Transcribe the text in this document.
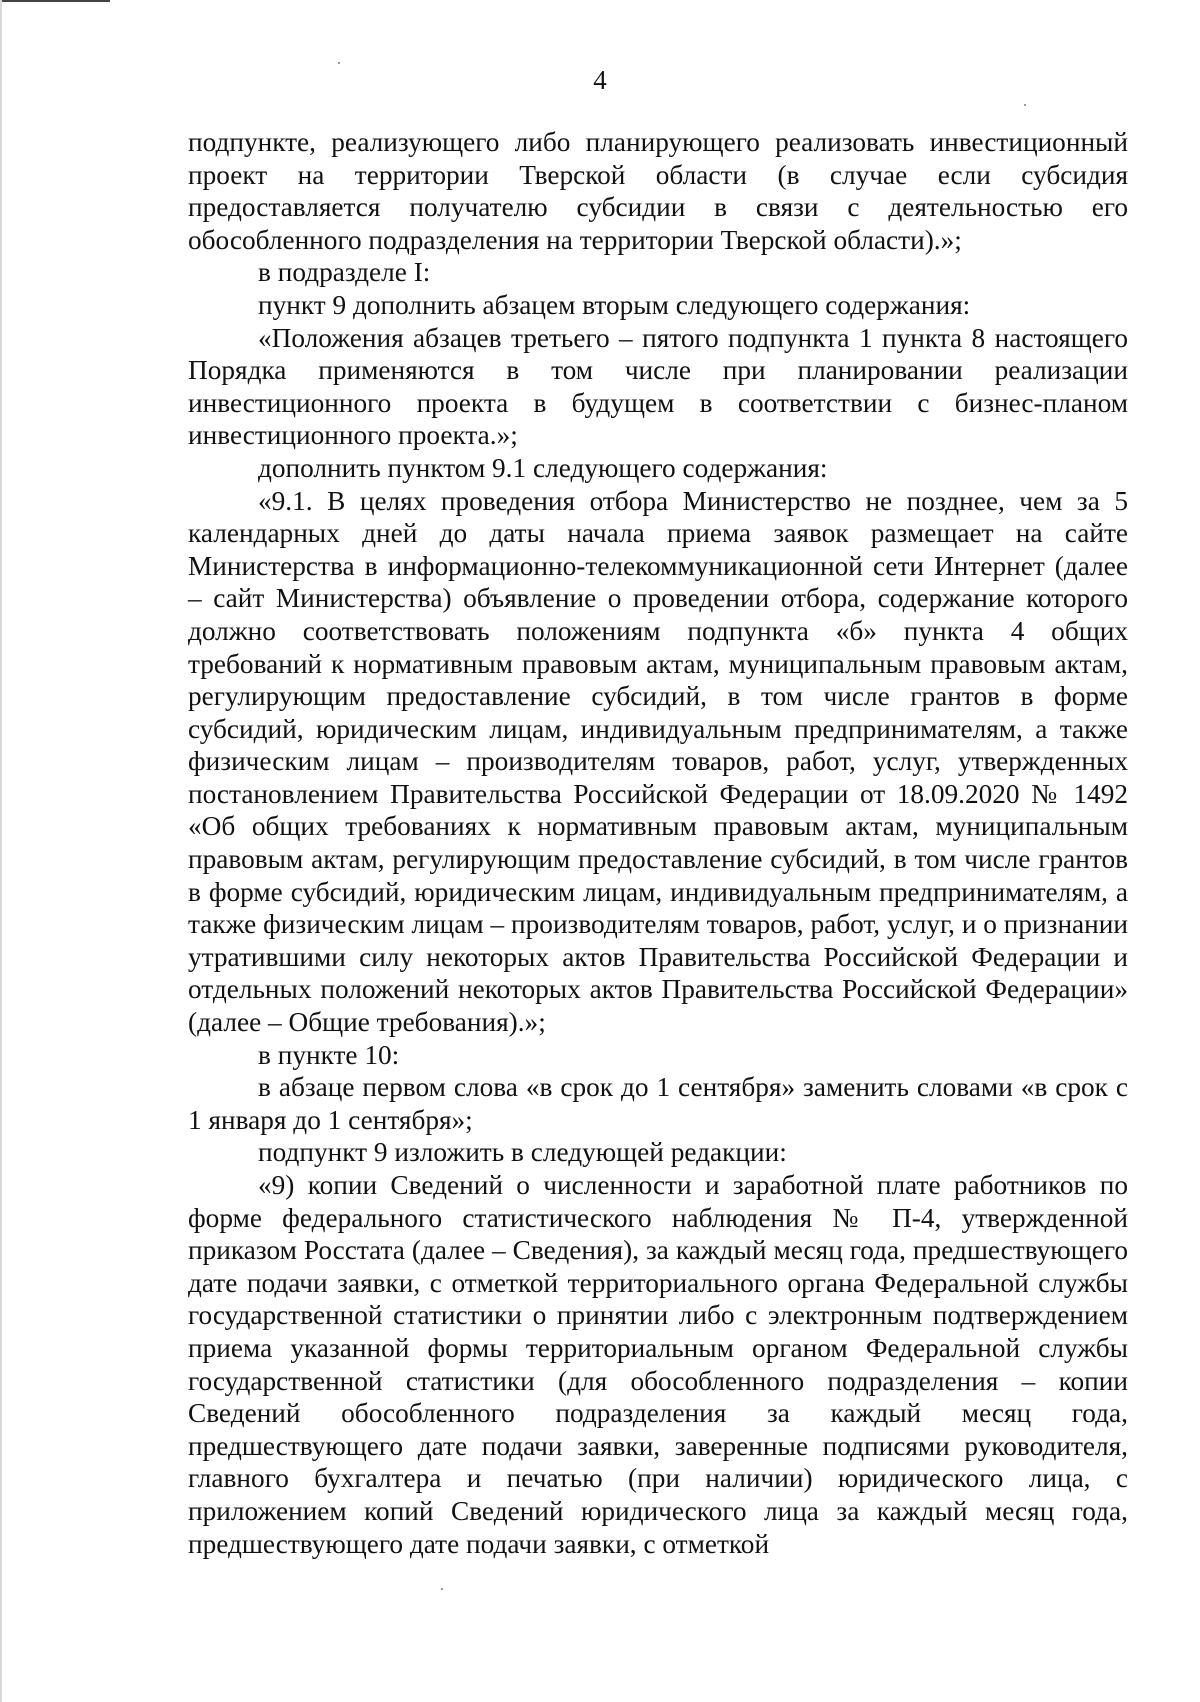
4

подпункте, реализующего либо планирующего реализовать инвестиционный проект на территории Тверской области (в случае если субсидия предоставляется получателю субсидии в связи с деятельностью его обособленного подразделения на территории Тверской области).»;

в подразделе I:

пункт 9 дополнить абзацем вторым следующего содержания:

«Положения абзацев третьего – пятого подпункта 1 пункта 8 настоящего Порядка применяются в том числе при планировании реализации инвестиционного проекта в будущем в соответствии с бизнес-планом инвестиционного проекта.»;

дополнить пунктом 9.1 следующего содержания:

«9.1. В целях проведения отбора Министерство не позднее, чем за 5 календарных дней до даты начала приема заявок размещает на сайте Министерства в информационно-телекоммуникационной сети Интернет (далее – сайт Министерства) объявление о проведении отбора, содержание которого должно соответствовать положениям подпункта «б» пункта 4 общих требований к нормативным правовым актам, муниципальным правовым актам, регулирующим предоставление субсидий, в том числе грантов в форме субсидий, юридическим лицам, индивидуальным предпринимателям, а также физическим лицам – производителям товаров, работ, услуг, утвержденных постановлением Правительства Российской Федерации от 18.09.2020 № 1492 «Об общих требованиях к нормативным правовым актам, муниципальным правовым актам, регулирующим предоставление субсидий, в том числе грантов в форме субсидий, юридическим лицам, индивидуальным предпринимателям, а также физическим лицам – производителям товаров, работ, услуг, и о признании утратившими силу некоторых актов Правительства Российской Федерации и отдельных положений некоторых актов Правительства Российской Федерации» (далее – Общие требования).»;

в пункте 10:

в абзаце первом слова «в срок до 1 сентября» заменить словами «в срок с 1 января до 1 сентября»;

подпункт 9 изложить в следующей редакции:

«9) копии Сведений о численности и заработной плате работников по форме федерального статистического наблюдения № П-4, утвержденной приказом Росстата (далее – Сведения), за каждый месяц года, предшествующего дате подачи заявки, с отметкой территориального органа Федеральной службы государственной статистики о принятии либо с электронным подтверждением приема указанной формы территориальным органом Федеральной службы государственной статистики (для обособленного подразделения – копии Сведений обособленного подразделения за каждый месяц года, предшествующего дате подачи заявки, заверенные подписями руководителя, главного бухгалтера и печатью (при наличии) юридического лица, с приложением копий Сведений юридического лица за каждый месяц года, предшествующего дате подачи заявки, с отметкой
